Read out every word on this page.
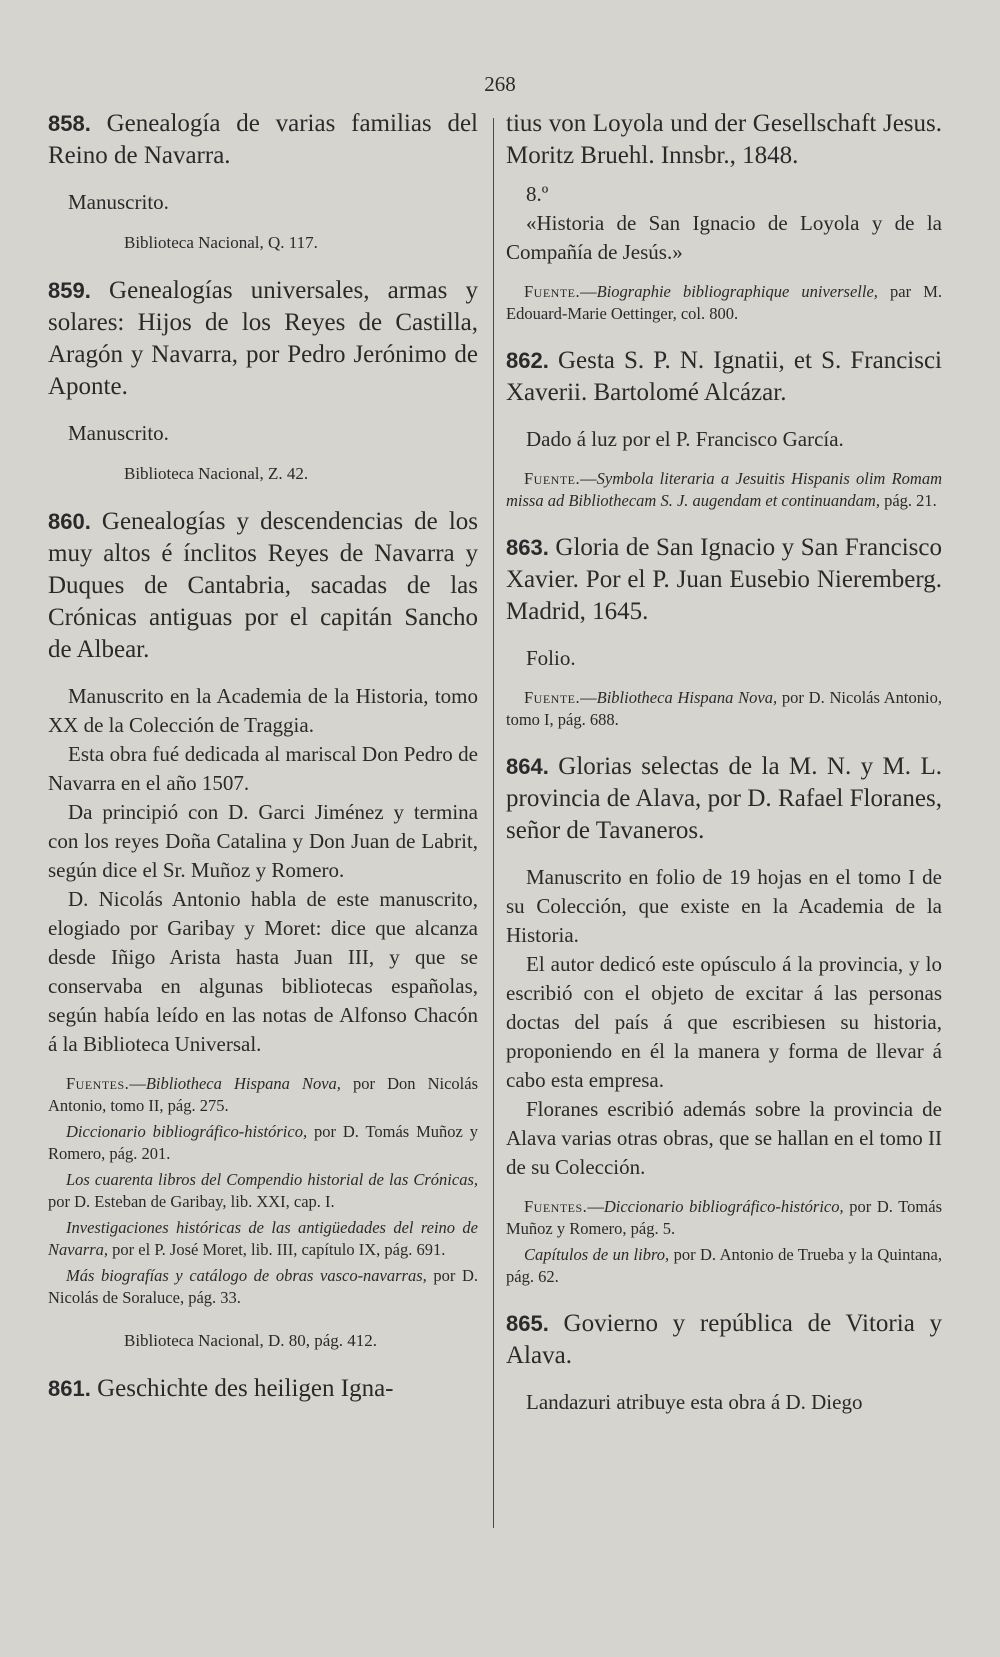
268

858. Genealogía de varias familias del Reino de Navarra.

Manuscrito.

Biblioteca Nacional, Q. 117.

859. Genealogías universales, armas y solares: Hijos de los Reyes de Castilla, Aragón y Navarra, por Pedro Jerónimo de Aponte.

Manuscrito.

Biblioteca Nacional, Z. 42.

860. Genealogías y descendencias de los muy altos é ínclitos Reyes de Navarra y Duques de Cantabria, sacadas de las Crónicas antiguas por el capitán Sancho de Albear.

Manuscrito en la Academia de la Historia, tomo XX de la Colección de Traggia.

Esta obra fué dedicada al mariscal Don Pedro de Navarra en el año 1507.

Da principió con D. Garci Jiménez y termina con los reyes Doña Catalina y Don Juan de Labrit, según dice el Sr. Muñoz y Romero.

D. Nicolás Antonio habla de este manuscrito, elogiado por Garibay y Moret: dice que alcanza desde Iñigo Arista hasta Juan III, y que se conservaba en algunas bibliotecas españolas, según había leído en las notas de Alfonso Chacón á la Biblioteca Universal.

Fuentes.—Bibliotheca Hispana Nova, por Don Nicolás Antonio, tomo II, pág. 275.

Diccionario bibliográfico-histórico, por D. Tomás Muñoz y Romero, pág. 201.

Los cuarenta libros del Compendio historial de las Crónicas, por D. Esteban de Garibay, lib. XXI, cap. I.

Investigaciones históricas de las antigüedades del reino de Navarra, por el P. José Moret, lib. III, capítulo IX, pág. 691.

Más biografías y catálogo de obras vasco-navarras, por D. Nicolás de Soraluce, pág. 33.

Biblioteca Nacional, D. 80, pág. 412.

861. Geschichte des heiligen Igna-

tius von Loyola und der Gesellschaft Jesus. Moritz Bruehl. Innsbr., 1848.

8.º

«Historia de San Ignacio de Loyola y de la Compañía de Jesús.»

Fuente.—Biographie bibliographique universelle, par M. Edouard-Marie Oettinger, col. 800.

862. Gesta S. P. N. Ignatii, et S. Francisci Xaverii. Bartolomé Alcázar.

Dado á luz por el P. Francisco García.

Fuente.—Symbola literaria a Jesuitis Hispanis olim Romam missa ad Bibliothecam S. J. augendam et continuandam, pág. 21.

863. Gloria de San Ignacio y San Francisco Xavier. Por el P. Juan Eusebio Nieremberg. Madrid, 1645.

Folio.

Fuente.—Bibliotheca Hispana Nova, por D. Nicolás Antonio, tomo I, pág. 688.

864. Glorias selectas de la M. N. y M. L. provincia de Alava, por D. Rafael Floranes, señor de Tavaneros.

Manuscrito en folio de 19 hojas en el tomo I de su Colección, que existe en la Academia de la Historia.

El autor dedicó este opúsculo á la provincia, y lo escribió con el objeto de excitar á las personas doctas del país á que escribiesen su historia, proponiendo en él la manera y forma de llevar á cabo esta empresa.

Floranes escribió además sobre la provincia de Alava varias otras obras, que se hallan en el tomo II de su Colección.

Fuentes.—Diccionario bibliográfico-histórico, por D. Tomás Muñoz y Romero, pág. 5.

Capítulos de un libro, por D. Antonio de Trueba y la Quintana, pág. 62.

865. Govierno y república de Vitoria y Alava.

Landazuri atribuye esta obra á D. Diego
